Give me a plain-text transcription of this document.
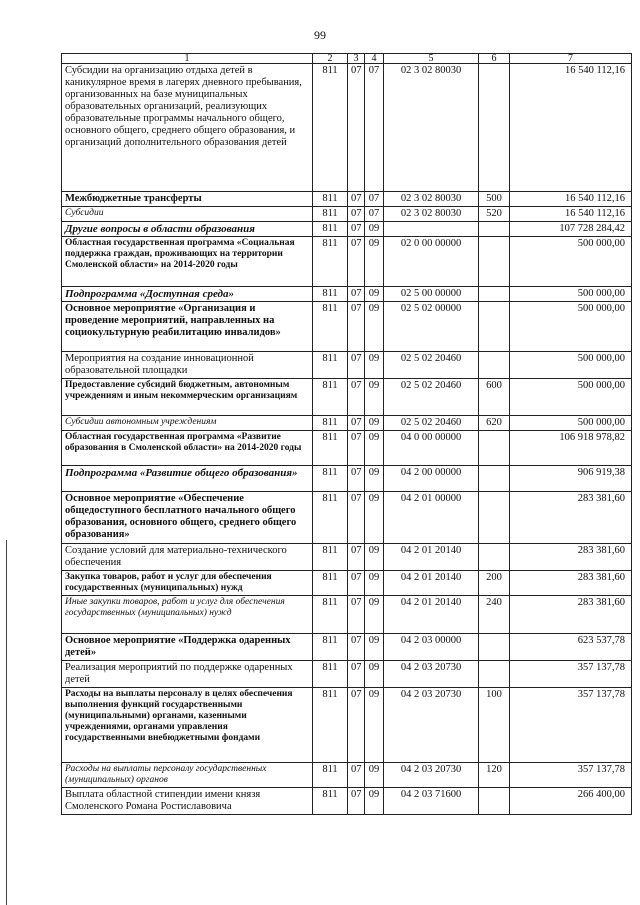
99
1	2	3	4	5	6	7
Субсидии на организацию отдыха детей в каникулярное время в лагерях дневного пребывания, организованных на базе муниципальных образовательных организаций, реализующих образовательные программы начального общего, основного общего, среднего общего образования, и организаций дополнительного образования детей	811	07	07	02 3 02 80030		16 540 112,16
Межбюджетные трансферты	811	07	07	02 3 02 80030	500	16 540 112,16
Субсидии	811	07	07	02 3 02 80030	520	16 540 112,16
Другие вопросы в области образования	811	07	09			107 728 284,42
Областная государственная программа «Социальная поддержка граждан, проживающих на территории Смоленской области» на 2014-2020 годы	811	07	09	02 0 00 00000		500 000,00
Подпрограмма «Доступная среда»	811	07	09	02 5 00 00000		500 000,00
Основное мероприятие «Организация и проведение мероприятий, направленных на социокультурную реабилитацию инвалидов»	811	07	09	02 5 02 00000		500 000,00
Мероприятия на создание инновационной образовательной площадки	811	07	09	02 5 02 20460		500 000,00
Предоставление субсидий бюджетным, автономным учреждениям и иным некоммерческим организациям	811	07	09	02 5 02 20460	600	500 000,00
Субсидии автономным учреждениям	811	07	09	02 5 02 20460	620	500 000,00
Областная государственная программа «Развитие образования в Смоленской области» на 2014-2020 годы	811	07	09	04 0 00 00000		106 918 978,82
Подпрограмма «Развитие общего образования»	811	07	09	04 2 00 00000		906 919,38
Основное мероприятие «Обеспечение общедоступного бесплатного начального общего образования, основного общего, среднего общего образования»	811	07	09	04 2 01 00000		283 381,60
Создание условий для материально-технического обеспечения	811	07	09	04 2 01 20140		283 381,60
Закупка товаров, работ и услуг для обеспечения государственных (муниципальных) нужд	811	07	09	04 2 01 20140	200	283 381,60
Иные закупки товаров, работ и услуг для обеспечения государственных (муниципальных) нужд	811	07	09	04 2 01 20140	240	283 381,60
Основное мероприятие «Поддержка одаренных детей»	811	07	09	04 2 03 00000		623 537,78
Реализация мероприятий по поддержке одаренных детей	811	07	09	04 2 03 20730		357 137,78
Расходы на выплаты персоналу в целях обеспечения выполнения функций государственными (муниципальными) органами, казенными учреждениями, органами управления государственными внебюджетными фондами	811	07	09	04 2 03 20730	100	357 137,78
Расходы на выплаты персоналу государственных (муниципальных) органов	811	07	09	04 2 03 20730	120	357 137,78
Выплата областной стипендии имени князя Смоленского Романа Ростиславовича	811	07	09	04 2 03 71600		266 400,00
